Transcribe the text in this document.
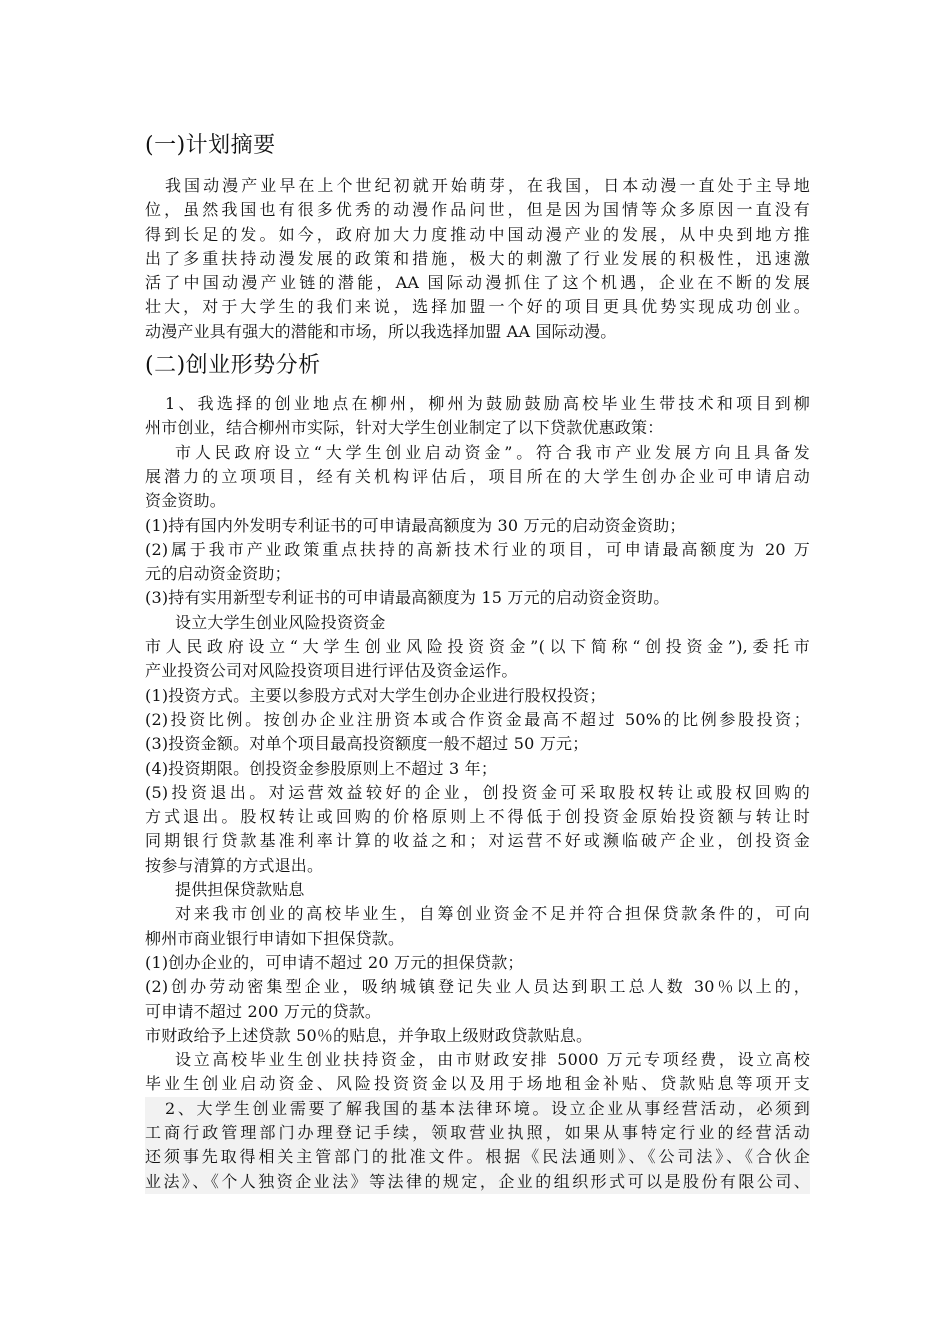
(一)计划摘要
我国动漫产业早在上个世纪初就开始萌芽，在我国，日本动漫一直处于主导地
位，虽然我国也有很多优秀的动漫作品问世，但是因为国情等众多原因一直没有
得到长足的发。如今，政府加大力度推动中国动漫产业的发展，从中央到地方推
出了多重扶持动漫发展的政策和措施，极大的刺激了行业发展的积极性，迅速激
活了中国动漫产业链的潜能，AA 国际动漫抓住了这个机遇，企业在不断的发展
壮大，对于大学生的我们来说，选择加盟一个好的项目更具优势实现成功创业。
动漫产业具有强大的潜能和市场，所以我选择加盟 AA 国际动漫。
(二)创业形势分析
1、我选择的创业地点在柳州，柳州为鼓励鼓励高校毕业生带技术和项目到柳
州市创业，结合柳州市实际，针对大学生创业制定了以下贷款优惠政策：
市人民政府设立“大学生创业启动资金”。符合我市产业发展方向且具备发
展潜力的立项项目，经有关机构评估后，项目所在的大学生创办企业可申请启动
资金资助。
(1)持有国内外发明专利证书的可申请最高额度为 30 万元的启动资金资助；
(2)属于我市产业政策重点扶持的高新技术行业的项目，可申请最高额度为 20 万
元的启动资金资助；
(3)持有实用新型专利证书的可申请最高额度为 15 万元的启动资金资助。
设立大学生创业风险投资资金
市人民政府设立“大学生创业风险投资资金”(以下简称“创投资金”),委托市
产业投资公司对风险投资项目进行评估及资金运作。
(1)投资方式。主要以参股方式对大学生创办企业进行股权投资；
(2)投资比例。按创办企业注册资本或合作资金最高不超过 50%的比例参股投资；
(3)投资金额。对单个项目最高投资额度一般不超过 50 万元；
(4)投资期限。创投资金参股原则上不超过 3 年；
(5)投资退出。对运营效益较好的企业，创投资金可采取股权转让或股权回购的
方式退出。股权转让或回购的价格原则上不得低于创投资金原始投资额与转让时
同期银行贷款基准利率计算的收益之和；对运营不好或濒临破产企业，创投资金
按参与清算的方式退出。
提供担保贷款贴息
对来我市创业的高校毕业生，自筹创业资金不足并符合担保贷款条件的，可向
柳州市商业银行申请如下担保贷款。
(1)创办企业的，可申请不超过 20 万元的担保贷款；
(2)创办劳动密集型企业，吸纳城镇登记失业人员达到职工总人数 30％以上的，
可申请不超过 200 万元的贷款。
市财政给予上述贷款 50％的贴息，并争取上级财政贷款贴息。
设立高校毕业生创业扶持资金，由市财政安排 5000 万元专项经费，设立高校
毕业生创业启动资金、风险投资资金以及用于场地租金补贴、贷款贴息等项开支
2、大学生创业需要了解我国的基本法律环境。设立企业从事经营活动，必须到
工商行政管理部门办理登记手续，领取营业执照，如果从事特定行业的经营活动
还须事先取得相关主管部门的批准文件。根据《民法通则》、《公司法》、《合伙企
业法》、《个人独资企业法》等法律的规定，企业的组织形式可以是股份有限公司、
